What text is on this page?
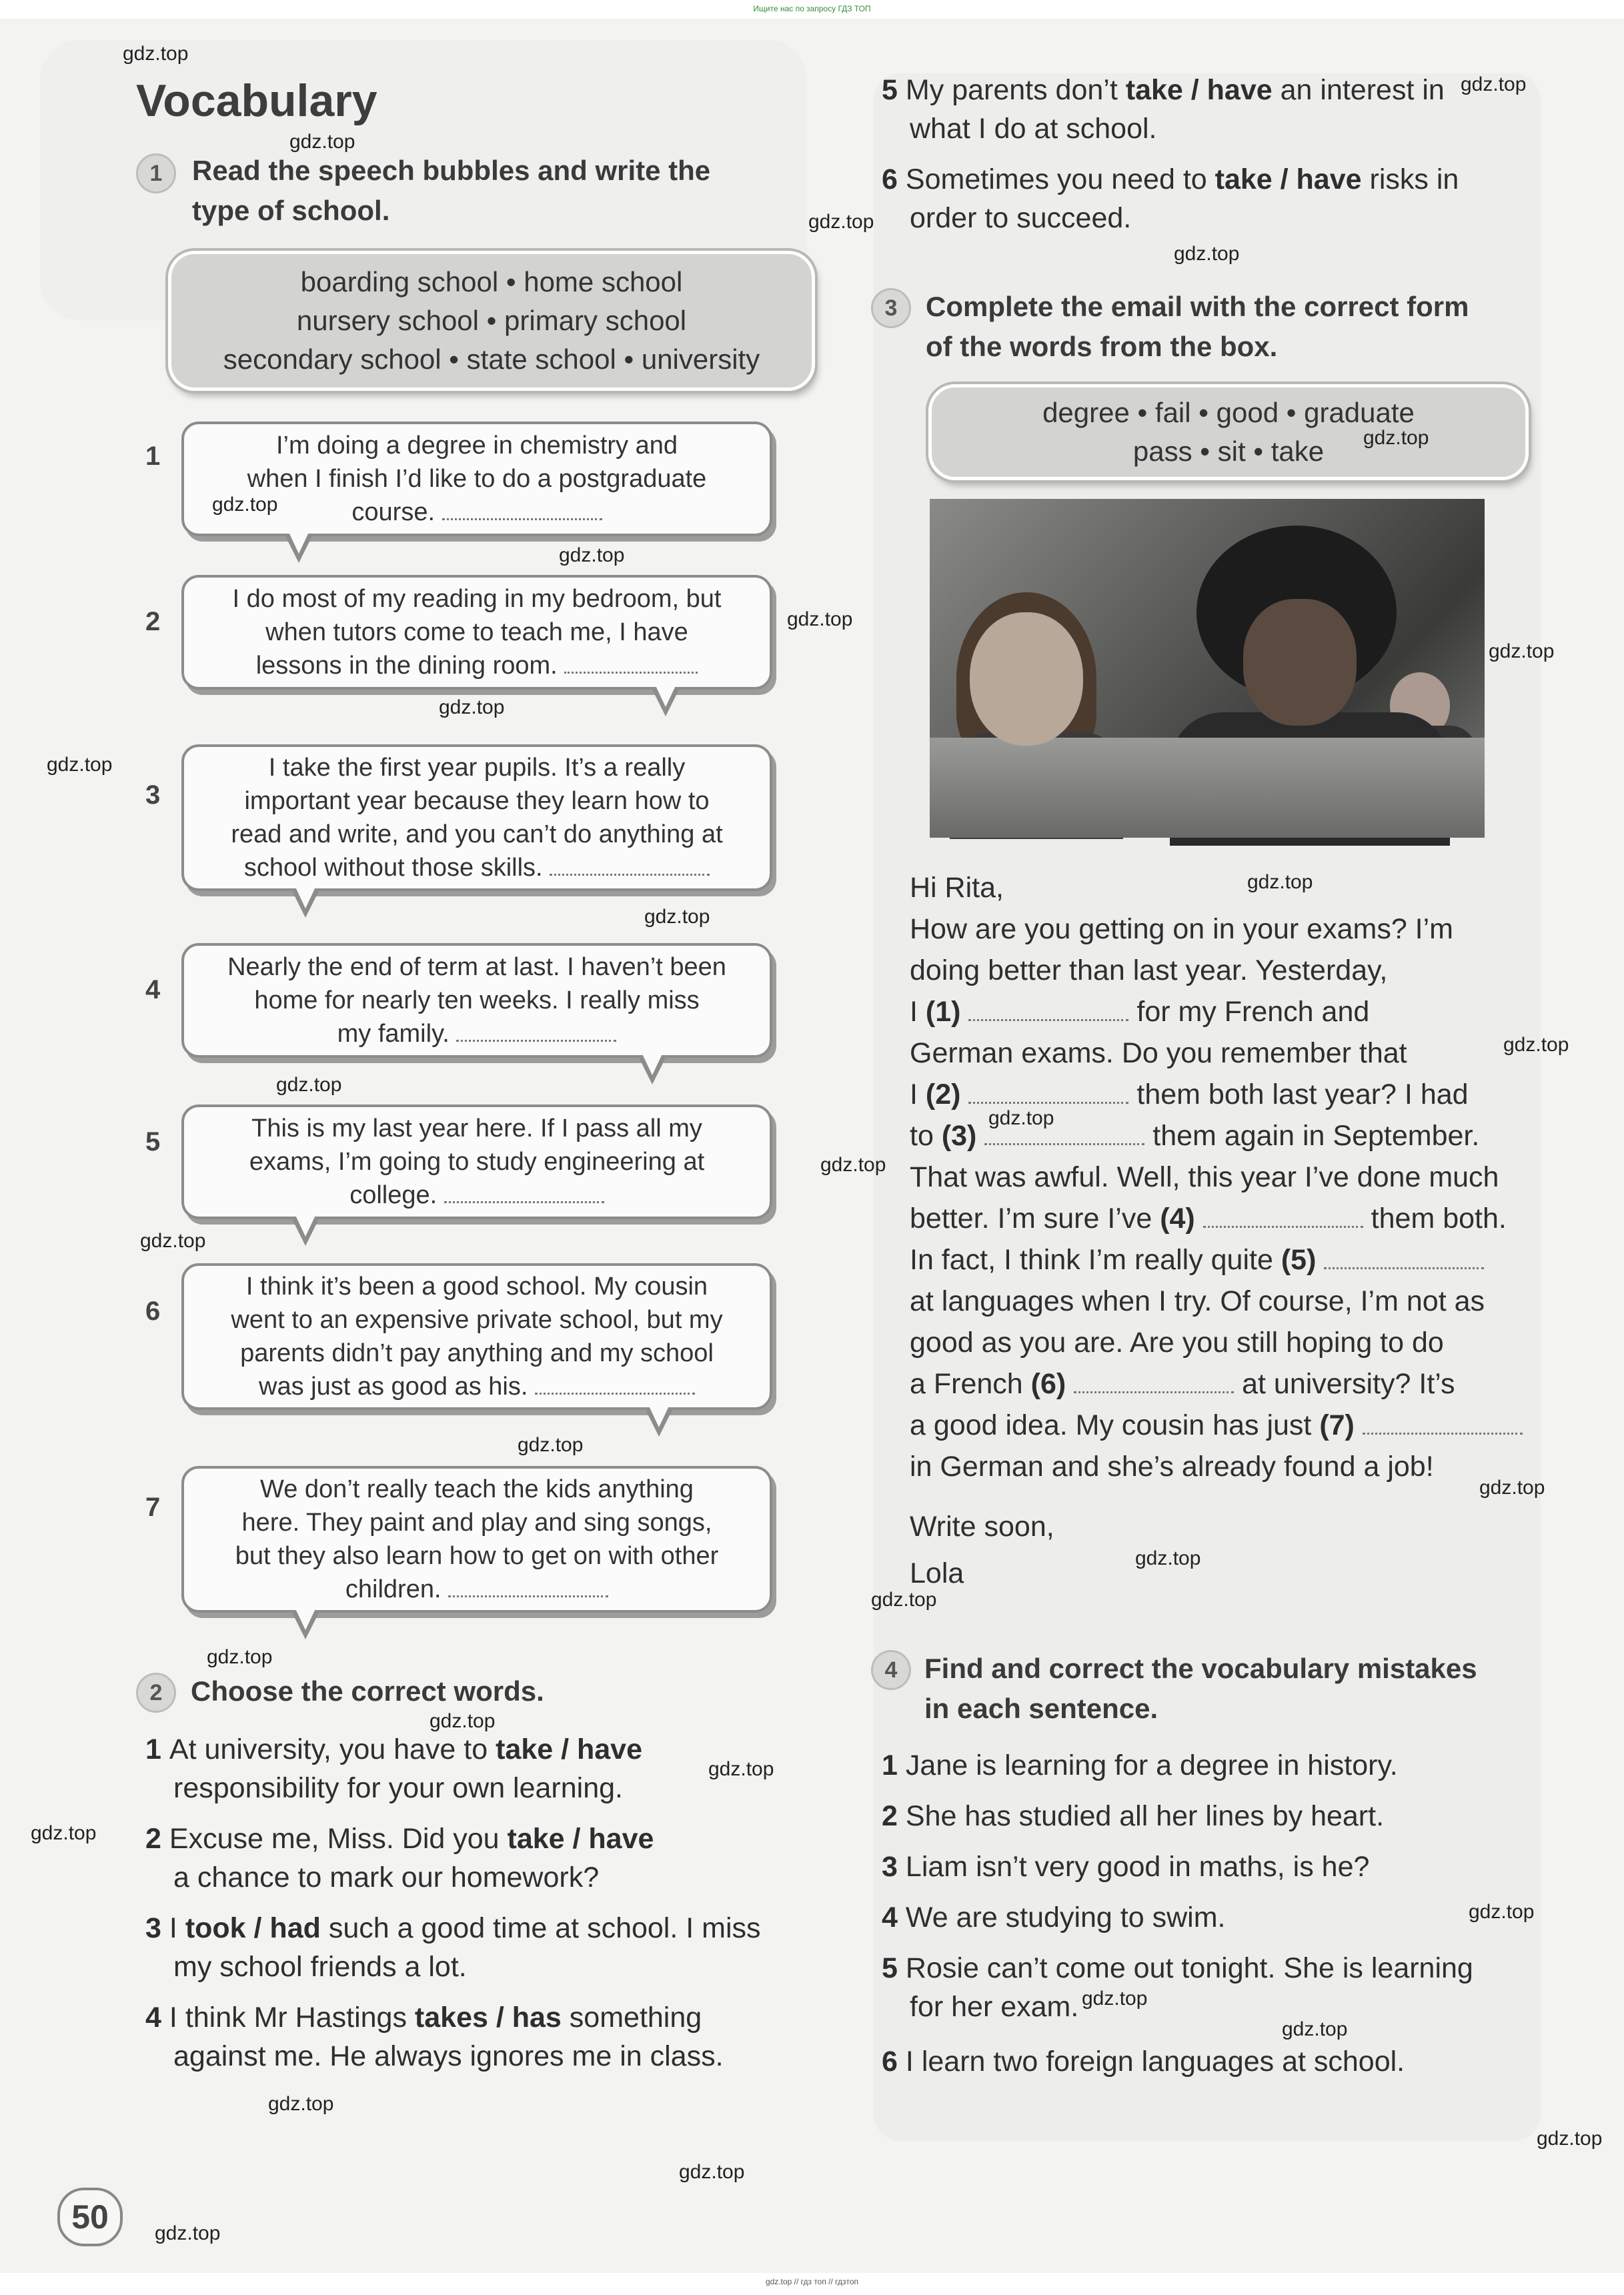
Ищите нас по запросу ГДЗ ТОП
Vocabulary
1	Read the speech bubbles and write the
type of school.
boarding school • home school
nursery school • primary school
secondary school • state school • university
1	I’m doing a degree in chemistry and
when I finish I’d like to do a postgraduate
course.
2
I do most of my reading in my bedroom, but
when tutors come to teach me, I have
lessons in the dining room.
3
I take the first year pupils. It’s a really
important year because they learn how to
read and write, and you can’t do anything at
school without those skills.
4
Nearly the end of term at last. I haven’t been
home for nearly ten weeks. I really miss
my family.
5	This is my last year here. If I pass all my
exams, I’m going to study engineering at
college.
6
I think it’s been a good school. My cousin
went to an expensive private school, but my
parents didn’t pay anything and my school
was just as good as his.
7
We don’t really teach the kids anything
here. They paint and play and sing songs,
but they also learn how to get on with other
children.
2	Choose the correct words.
1 At university, you have to take / have
responsibility for your own learning.
2 Excuse me, Miss. Did you take / have
a chance to mark our homework?
3 I took / had such a good time at school. I miss
my school friends a lot.
4 I think Mr Hastings takes / has something
against me. He always ignores me in class.
5 My parents don’t take / have an interest in
what I do at school.
6 Sometimes you need to take / have risks in
order to succeed.
3	Complete the email with the correct form
of the words from the box.
degree • fail • good • graduate
pass • sit • take
Hi Rita,
How are you getting on in your exams? I’m
doing better than last year. Yesterday,
I (1)	for my French and
German exams. Do you remember that
I (2)	them both last year? I had
to (3)	them again in September.
That was awful. Well, this year I’ve done much
better. I’m sure I’ve (4)	them both.
In fact, I think I’m really quite (5)
at languages when I try. Of course, I’m not as
good as you are. Are you still hoping to do
a French (6)	at university? It’s
a good idea. My cousin has just (7)
in German and she’s already found a job!
Write soon,
Lola
4 Find and correct the vocabulary mistakes
in each sentence.
1 Jane is learning for a degree in history.
2 She has studied all her lines by heart.
3 Liam isn’t very good in maths, is he?
4 We are studying to swim.
5 Rosie can’t come out tonight. She is learning
for her exam.
6 I learn two foreign languages at school.
50
gdz.top
gdz.top
gdz.top
gdz.top
gdz.top
gdz.top
gdz.top
gdz.top
gdz.top
gdz.top
gdz.top
gdz.top
gdz.top
gdz.top
gdz.top
gdz.top
gdz.top
gdz.top
gdz.top
gdz.top
gdz.top
gdz.top
gdz.top
gdz.top
gdz.top
gdz.top
gdz.top
gdz.top
gdz.top
gdz.top
gdz.top
gdz.top
gdz.top
gdz.top
gdz.top // гдз топ // гдзтоп
